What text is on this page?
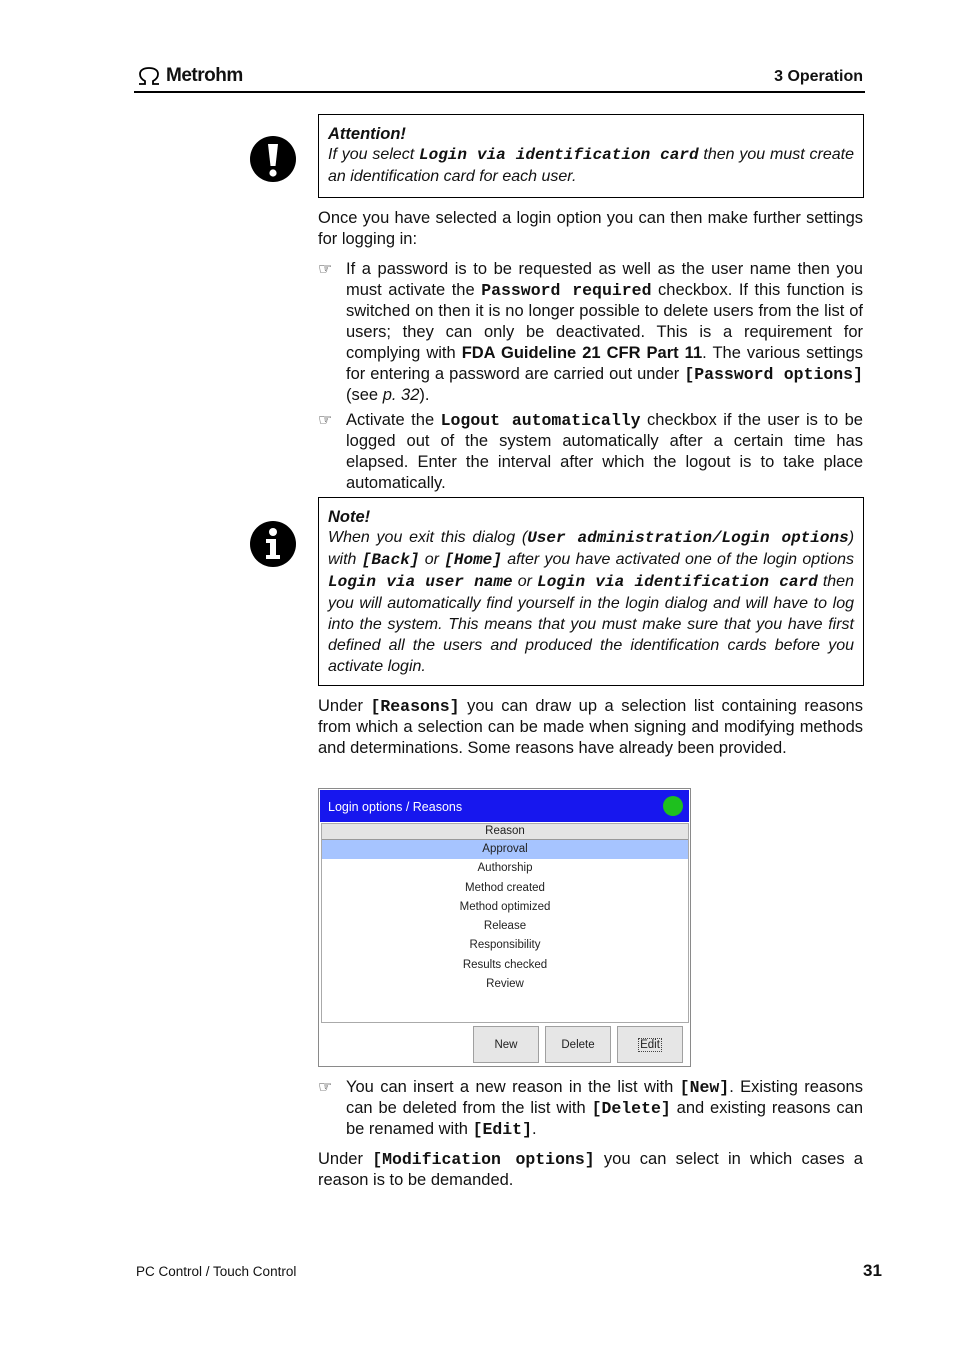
Metrohm	3 Operation
Attention!

If you select Login via identification card then you must create an identification card for each user.

Once you have selected a login option you can then make further settings for logging in:

☞ If a password is to be requested as well as the user name then you must activate the Password required checkbox. If this function is switched on then it is no longer possible to delete users from the list of users; they can only be deactivated. This is a requirement for complying with FDA Guideline 21 CFR Part 11. The various settings for entering a password are carried out under [Password options] (see p. 32).
☞ Activate the Logout automatically checkbox if the user is to be logged out of the system automatically after a certain time has elapsed. Enter the interval after which the logout is to take place automatically.
Note!

When you exit this dialog (User administration/Login options) with [Back] or [Home] after you have activated one of the login options Login via user name or Login via identification card then you will automatically find yourself in the login dialog and will have to log into the system. This means that you must make sure that you have first defined all the users and produced the identification cards before you activate login.

Under [Reasons] you can draw up a selection list containing reasons from which a selection can be made when signing and modifying methods and determinations. Some reasons have already been provided.

Login options / Reasons
Reason
Approval
Authorship
Method created
Method optimized
Release
Responsibility
Results checked
Review
New	Delete	Edit
☞ You can insert a new reason in the list with [New]. Existing reasons can be deleted from the list with [Delete] and existing reasons can be renamed with [Edit].

Under [Modification options] you can select in which cases a reason is to be demanded.

PC Control / Touch Control	31
